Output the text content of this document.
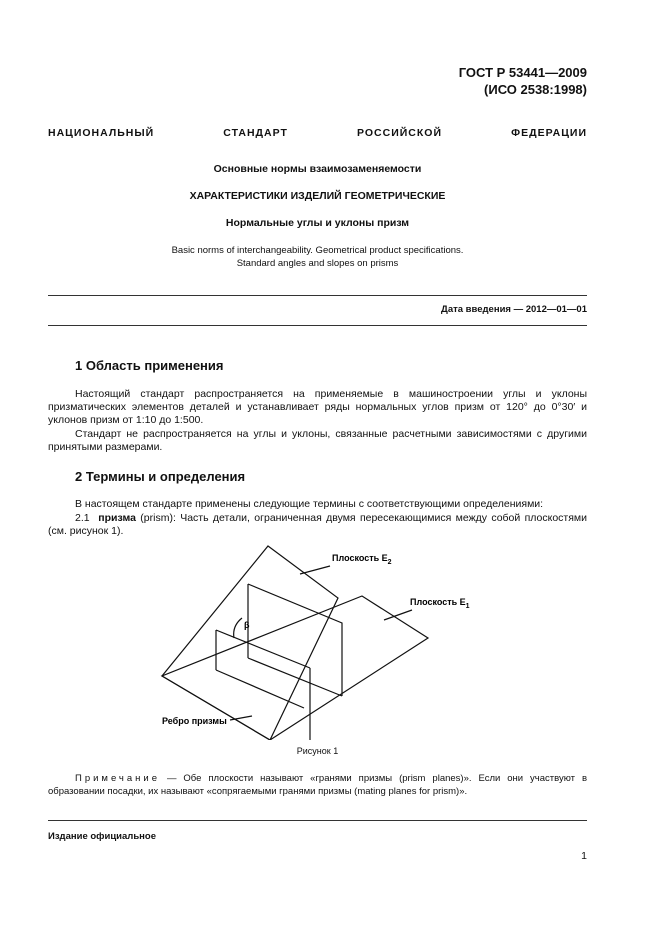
ГОСТ Р 53441—2009
(ИСО 2538:1998)
НАЦИОНАЛЬНЫЙ СТАНДАРТ РОССИЙСКОЙ ФЕДЕРАЦИИ
Основные нормы взаимозаменяемости
ХАРАКТЕРИСТИКИ ИЗДЕЛИЙ ГЕОМЕТРИЧЕСКИЕ
Нормальные углы и уклоны призм
Basic norms of interchangeability. Geometrical product specifications.
Standard angles and slopes on prisms
Дата введения — 2012—01—01
1 Область применения
Настоящий стандарт распространяется на применяемые в машиностроении углы и уклоны призматических элементов деталей и устанавливает ряды нормальных углов призм от 120° до 0°30′ и уклонов призм от 1:10 до 1:500.
Стандарт не распространяется на углы и уклоны, связанные расчетными зависимостями с другими принятыми размерами.
2 Термины и определения
В настоящем стандарте применены следующие термины с соответствующими определениями:
2.1 призма (prism): Часть детали, ограниченная двумя пересекающимися между собой плоскостями (см. рисунок 1).
Плоскость $E_2$
Плоскость $E_1$
Ребро призмы
β
Рисунок 1
Примечание — Обе плоскости называют «гранями призмы (prism planes)». Если они участвуют в образовании посадки, их называют «сопрягаемыми гранями призмы (mating planes for prism)».
Издание официальное
1
